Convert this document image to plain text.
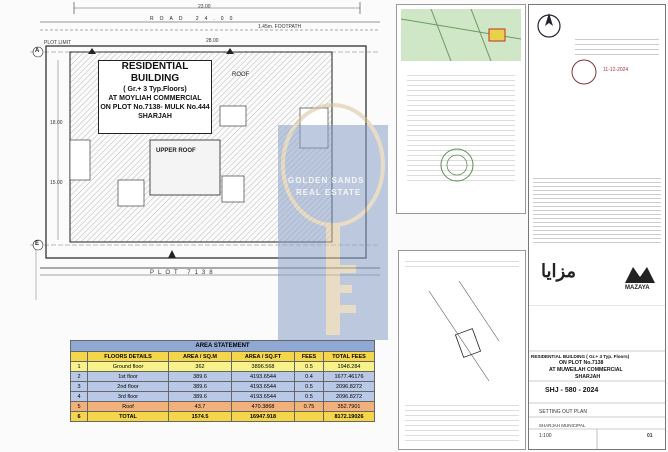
23.00
28.00
ROAD 24.00
1.45m. FOOTPATH
PLOT LIMIT
18.00
15.00
A
E
RESIDENTIAL BUILDING
( Gr.+ 3 Typ.Floors)
AT MOYLIAH COMMERCIAL
ON PLOT No.7138- MULK No.444
SHARJAH
ROOF
UPPER ROOF
PLOT 7138
GOLDEN SANDS
REAL ESTATE
AREA STATEMENT					
	FLOORS DETAILS	AREA / SQ.M	AREA / SQ.FT	FEES	TOTAL FEES
1	Ground floor	362	3896.568	0.5	1948.284
2	1st floor	389.6	4193.6544	0.4	1677.46176
3	2nd floor	389.6	4193.6544	0.5	2096.8272
4	3rd floor	389.6	4193.6544	0.5	2096.8272
5	Roof	43.7	470.3868	0.75	352.7901
6	TOTAL	1574.5	16947.918		8172.19026
11-12-2024
مزايا
MAZAYA
RESIDENTIAL BUILDING ( Gr.+ 3 Typ. Floors)
ON PLOT No.7138
AT MUWEILAH COMMERCIAL
SHARJAH
SHJ - 580 - 2024
SETTING OUT PLAN
SHARJAH MUNICIPAL
1:100	01
